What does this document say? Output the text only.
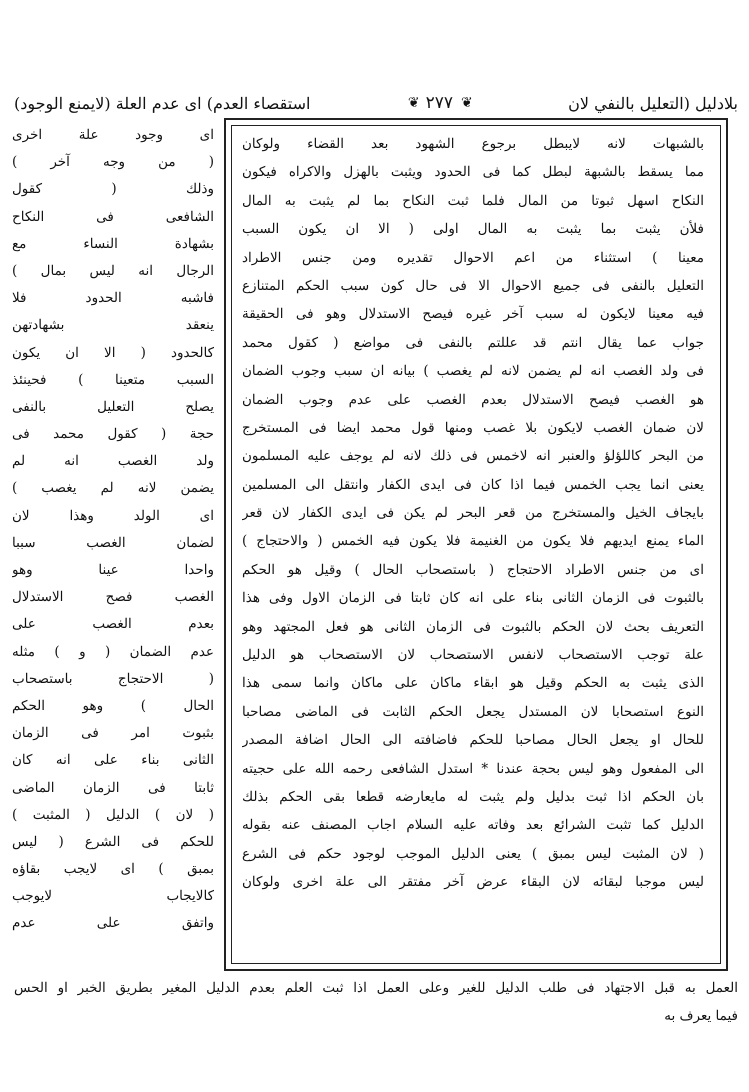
بلادليل (التعليل بالنفي لان
❦
٢٧٧
❦
استقصاء العدم) اى عدم العلة (لايمنع الوجود)
بالشبهات لانه لايبطل برجوع الشهود بعد القضاء ولوكان
مما يسقط بالشبهة لبطل كما فى الحدود ويثبت بالهزل والاكراه فيكون
النكاح اسهل ثبوتا من المال فلما ثبت النكاح بما لم يثبت به المال
فلأن يثبت بما يثبت به المال اولى ( الا ان يكون السبب
معينا ) استثناء من اعم الاحوال تقديره ومن جنس الاطراد
التعليل بالنفى فى جميع الاحوال الا فى حال كون سبب الحكم المتنازع
فيه معينا لايكون له سبب آخر غيره فيصح الاستدلال وهو فى الحقيقة
جواب عما يقال انتم قد عللتم بالنفى فى مواضع ( كقول محمد
فى ولد الغصب انه لم يضمن لانه لم يغصب ) بيانه ان سبب وجوب الضمان
هو الغصب فيصح الاستدلال بعدم الغصب على عدم وجوب الضمان
لان ضمان الغصب لايكون بلا غصب ومنها قول محمد ايضا فى المستخرج
من البحر كاللؤلؤ والعنبر انه لاخمس فى ذلك لانه لم يوجف عليه المسلمون
يعنى انما يجب الخمس فيما اذا كان فى ايدى الكفار وانتقل الى المسلمين
بايجاف الخيل والمستخرج من قعر البحر لم يكن فى ايدى الكفار لان قعر
الماء يمنع ايديهم فلا يكون من الغنيمة فلا يكون فيه الخمس ( والاحتجاج )
اى من جنس الاطراد الاحتجاج ( باستصحاب الحال ) وقيل هو الحكم
بالثبوت فى الزمان الثانى بناء على انه كان ثابتا فى الزمان الاول وفى هذا
التعريف بحث لان الحكم بالثبوت فى الزمان الثانى هو فعل المجتهد وهو
علة توجب الاستصحاب لانفس الاستصحاب لان الاستصحاب هو الدليل
الذى يثبت به الحكم وقيل هو ابقاء ماكان على ماكان وانما سمى هذا
النوع استصحابا لان المستدل يجعل الحكم الثابت فى الماضى مصاحبا
للحال او يجعل الحال مصاحبا للحكم فاضافته الى الحال اضافة المصدر
الى المفعول وهو ليس بحجة عندنا * استدل الشافعى رحمه الله على حجيته
بان الحكم اذا ثبت بدليل ولم يثبت له مايعارضه قطعا بقى الحكم بذلك
الدليل كما تثبت الشرائع بعد وفاته عليه السلام اجاب المصنف عنه بقوله
( لان المثبت ليس بمبق ) يعنى الدليل الموجب لوجود حكم فى الشرع
ليس موجبا لبقائه لان البقاء عرض آخر مفتقر الى علة اخرى ولوكان
اى وجود علة اخرى
( من وجه آخر )
وذلك ( كقول
الشافعى فى النكاح
بشهادة النساء مع
الرجال انه ليس بمال )
فاشبه الحدود فلا
ينعقد بشهادتهن
كالحدود ( الا ان يكون
السبب متعينا ) فحينئذ
يصلح التعليل بالنفى
حجة ( كقول محمد فى
ولد الغصب انه لم
يضمن لانه لم يغصب )
اى الولد وهذا لان
لضمان الغصب سببا
واحدا عينا وهو
الغصب فصح الاستدلال
بعدم الغصب على
عدم الضمان ( و ) مثله
( الاحتجاج باستصحاب
الحال ) وهو الحكم
بثبوت امر فى الزمان
الثانى بناء على انه كان
ثابتا فى الزمان الماضى
( لان ) الدليل ( المثبت )
للحكم فى الشرع ( ليس
بمبق ) اى لايجب بقاؤه
كالايجاب لايوجب
واتفق على عدم
العمل به قبل الاجتهاد فى طلب الدليل للغير وعلى العمل اذا ثبت العلم بعدم الدليل المغير بطريق الخبر او الحس
فيما يعرف به
